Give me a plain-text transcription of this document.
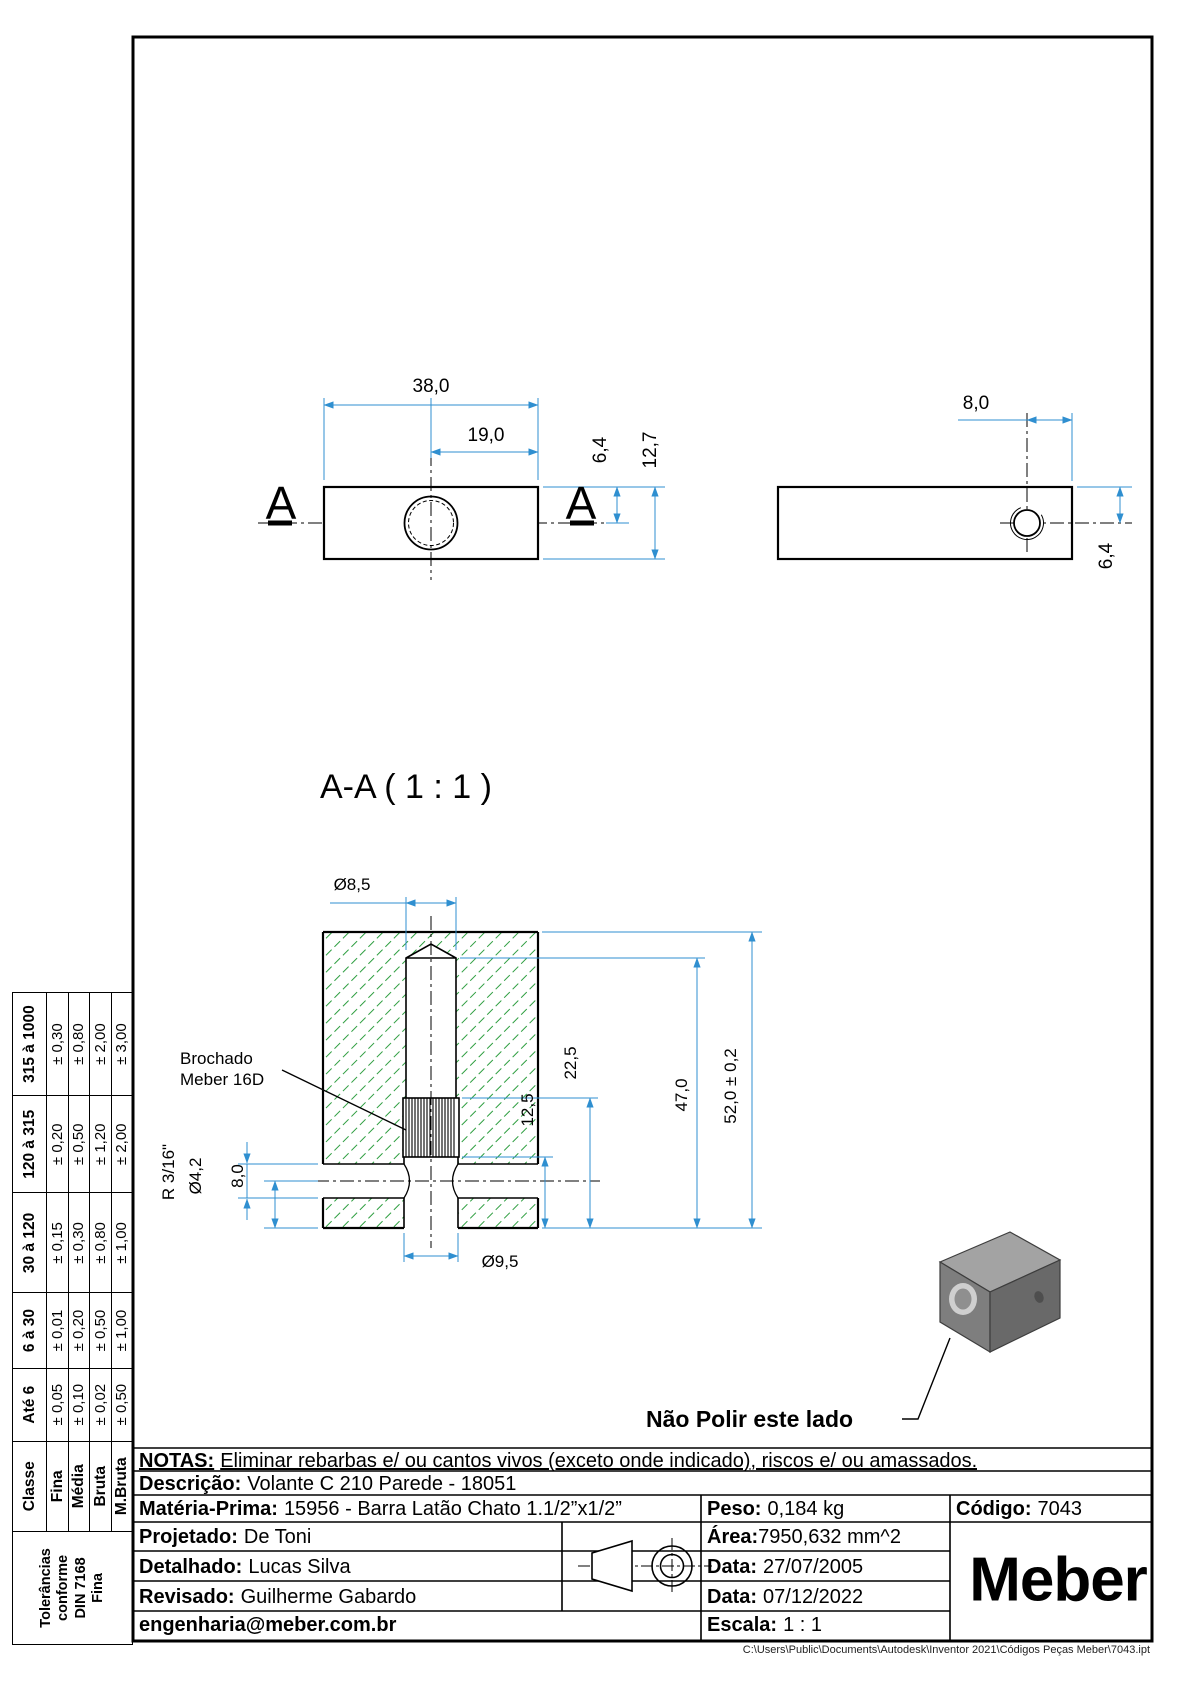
A	A
38,0
19,0
6,4 12,7
8,0
6,4
A-A ( 1 : 1 )
Ø8,5
Brochado
Meber 16D	47,0 52,0 ± 0,2
22,5
12,5
8,0
Ø4,2
R 3/16"
Ø9,5
Não Polir este lado
Tolerâncias conforme DIN 7168 Fina	Classe	Até 6	6 à 30	30 à 120	120 à 315	315 à 1000
	Fina	± 0,05	± 0,01	± 0,15	± 0,20	± 0,30
	Média	± 0,10	± 0,20	± 0,30	± 0,50	± 0,80
	Bruta	± 0,02	± 0,50	± 0,80	± 1,20	± 2,00
	M.Bruta	± 0,50	± 1,00	± 1,00	± 2,00	± 3,00
NOTAS: Eliminar rebarbas e/ ou cantos vivos (exceto onde indicado), riscos e/ ou amassados.
Descrição: Volante C 210 Parede - 18051
Matéria-Prima: 15956 - Barra Latão Chato 1.1/2”x1/2”	Peso: 0,184 kg	Código: 7043
Projetado: De Toni
Detalhado: Lucas Silva
Revisado: Guilherme Gabardo
engenharia@meber.com.br
Área:7950,632 mm^2
Data: 27/07/2005
Data: 07/12/2022
Escala: 1 : 1
Meber
C:\Users\Public\Documents\Autodesk\Inventor 2021\Códigos Peças Meber\7043.ipt
